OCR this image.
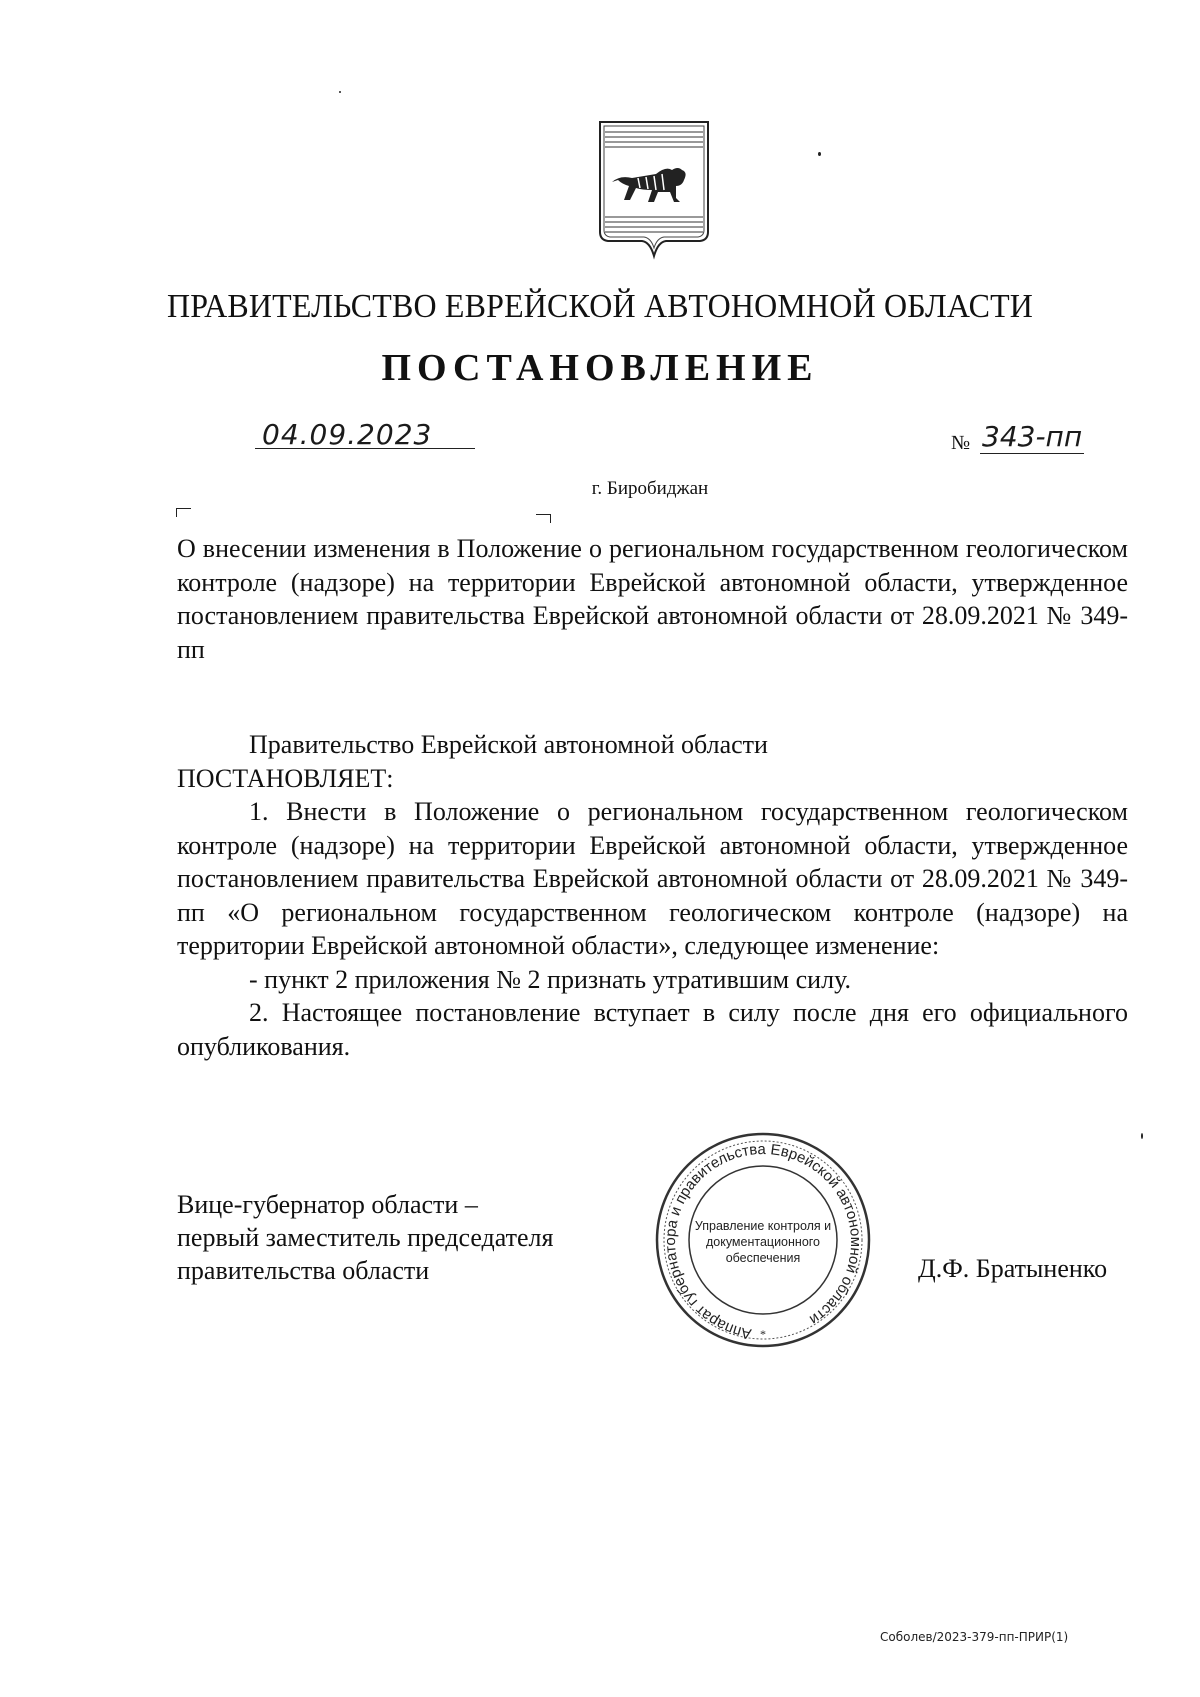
ПРАВИТЕЛЬСТВО ЕВРЕЙСКОЙ АВТОНОМНОЙ ОБЛАСТИ
ПОСТАНОВЛЕНИЕ
04.09.2023	№ 343-пп
г. Биробиджан
О внесении изменения в Положение о региональном государственном геологическом контроле (надзоре) на территории Еврейской автономной области, утвержденное постановлением правительства Еврейской автономной области от 28.09.2021 № 349-пп

Правительство Еврейской автономной области

ПОСТАНОВЛЯЕТ:

1. Внести в Положение о региональном государственном геологическом контроле (надзоре) на территории Еврейской автономной области, утвержденное постановлением правительства Еврейской автономной области от 28.09.2021 № 349-пп «О региональном государственном геологическом контроле (надзоре) на территории Еврейской автономной области», следующее изменение:

- пункт 2 приложения № 2 признать утратившим силу.

2. Настоящее постановление вступает в силу после дня его официального опубликования.

Вице-губернатор области –
первый заместитель председателя
правительства области
Аппарат губернатора и правительства Еврейской автономной области
*
Управление контроля и
документационного
обеспечения	Д.Ф. Братыненко
Соболев/2023-379-пп-ПРИР(1)
